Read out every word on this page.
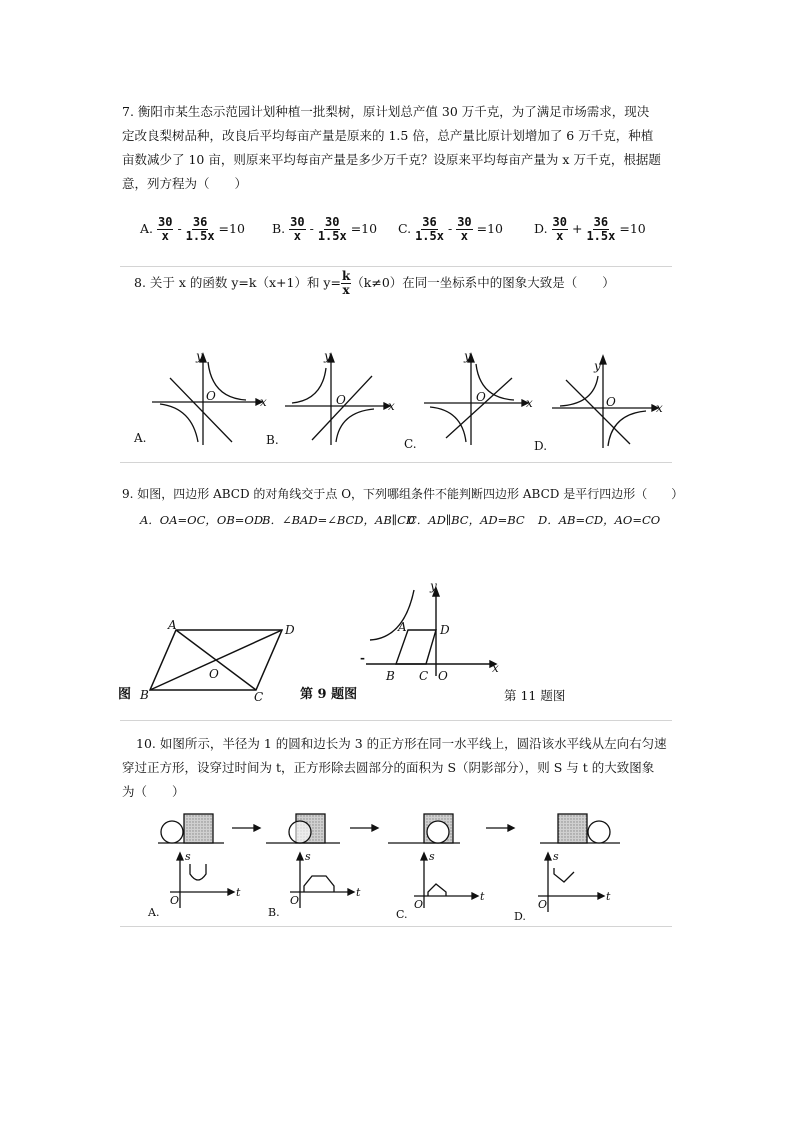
7. 衡阳市某生态示范园计划种植一批梨树，原计划总产值 30 万千克，为了满足市场需求，现决
定改良梨树品种，改良后平均每亩产量是原来的 1.5 倍，总产量比原计划增加了 6 万千克，种植
亩数减少了 10 亩，则原来平均每亩产量是多少万千克？设原来平均每亩产量为 x 万千克，根据题
意，列方程为（　　）
A. $\frac{30}{x} - \frac{36}{1.5x} =10$ B. $\frac{30}{x} - \frac{30}{1.5x} =10$ C. $\frac{36}{1.5x} - \frac{30}{x} =10$ D. $\frac{30}{x} + \frac{36}{1.5x} =10$
8. 关于 x 的函数 y=k（x+1）和 $y= \frac{k}{x} (k\ne 0)$在同一坐标系中的图象大致是（　　）
x
y
O
x
y
O	x
y
O
x
y
O
A.	B.	C.	D.
9. 如图，四边形 ABCD 的对角线交于点 O，下列哪组条件不能判断四边形 ABCD 是平行四边形（　　）
A．OA=OC，OB=OD
B．∠BAD=∠BCD，AB∥CD
C．AD∥BC，AD=BC D．AB=CD，AO=CO
A	D
B	C
O
图	第 9 题图
y
x
A	D
B C O
-
第 11 题图
10. 如图所示，半径为 1 的圆和边长为 3 的正方形在同一水平线上，圆沿该水平线从左向右匀速
穿过正方形，设穿过时间为 t，正方形除去圆部分的面积为 S（阴影部分），则 S 与 t 的大致图象
为（　　）
s
t
O
s
t
O
s
t
O
s
t
O
A.	B.	C.	D.
